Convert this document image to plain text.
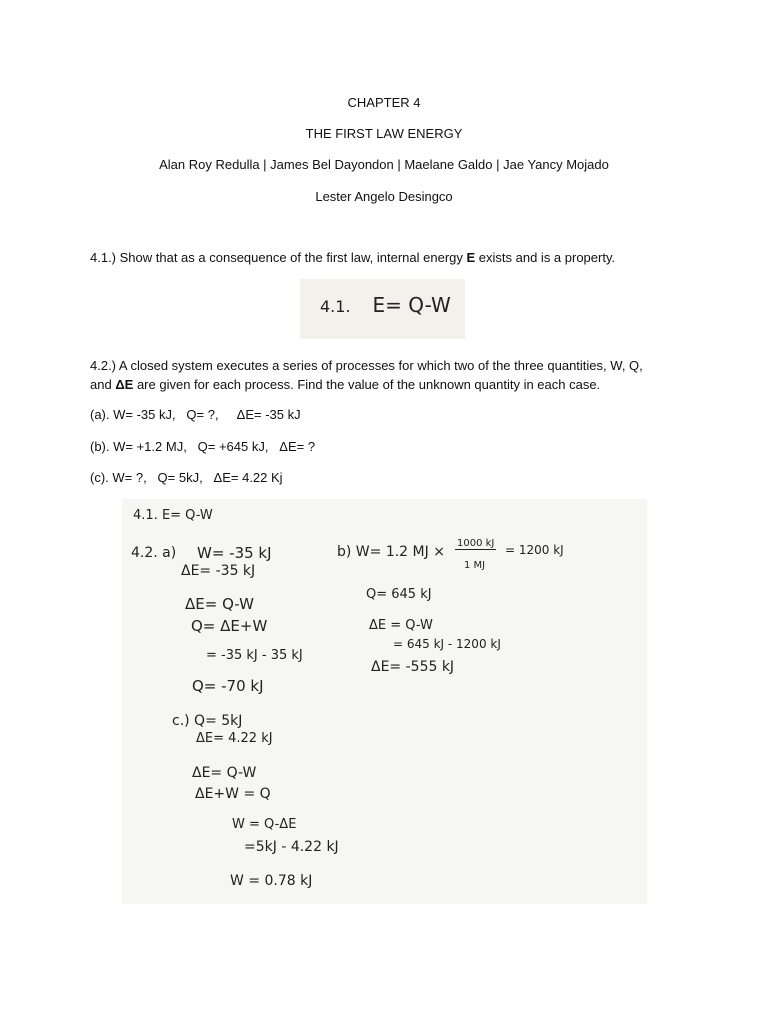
CHAPTER 4
THE FIRST LAW ENERGY
Alan Roy Redulla | James Bel Dayondon | Maelane Galdo | Jae Yancy Mojado
Lester Angelo Desingco
4.1.) Show that as a consequence of the first law, internal energy E exists and is a property.
4.1. E= Q-W
4.2.) A closed system executes a series of processes for which two of the three quantities, W, Q,
and ΔE are given for each process. Find the value of the unknown quantity in each case.
(a). W= -35 kJ,   Q= ?,     ΔE= -35 kJ
(b). W= +1.2 MJ,   Q= +645 kJ,   ΔE= ?
(c). W= ?,   Q= 5kJ,   ΔE= 4.22 Kj
4.1. E= Q-W
4.2. a) W= -35 kJ
ΔE= -35 kJ
ΔE= Q-W
Q= ΔE+W
= -35 kJ - 35 kJ
Q= -70 kJ
b) W= 1.2 MJ ×
1000 kJ
1 MJ
= 1200 kJ
Q= 645 kJ
ΔE = Q-W
= 645 kJ - 1200 kJ
ΔE= -555 kJ
c.) Q= 5kJ
ΔE= 4.22 kJ
ΔE= Q-W
ΔE+W = Q
W = Q-ΔE
=5kJ - 4.22 kJ
W = 0.78 kJ
